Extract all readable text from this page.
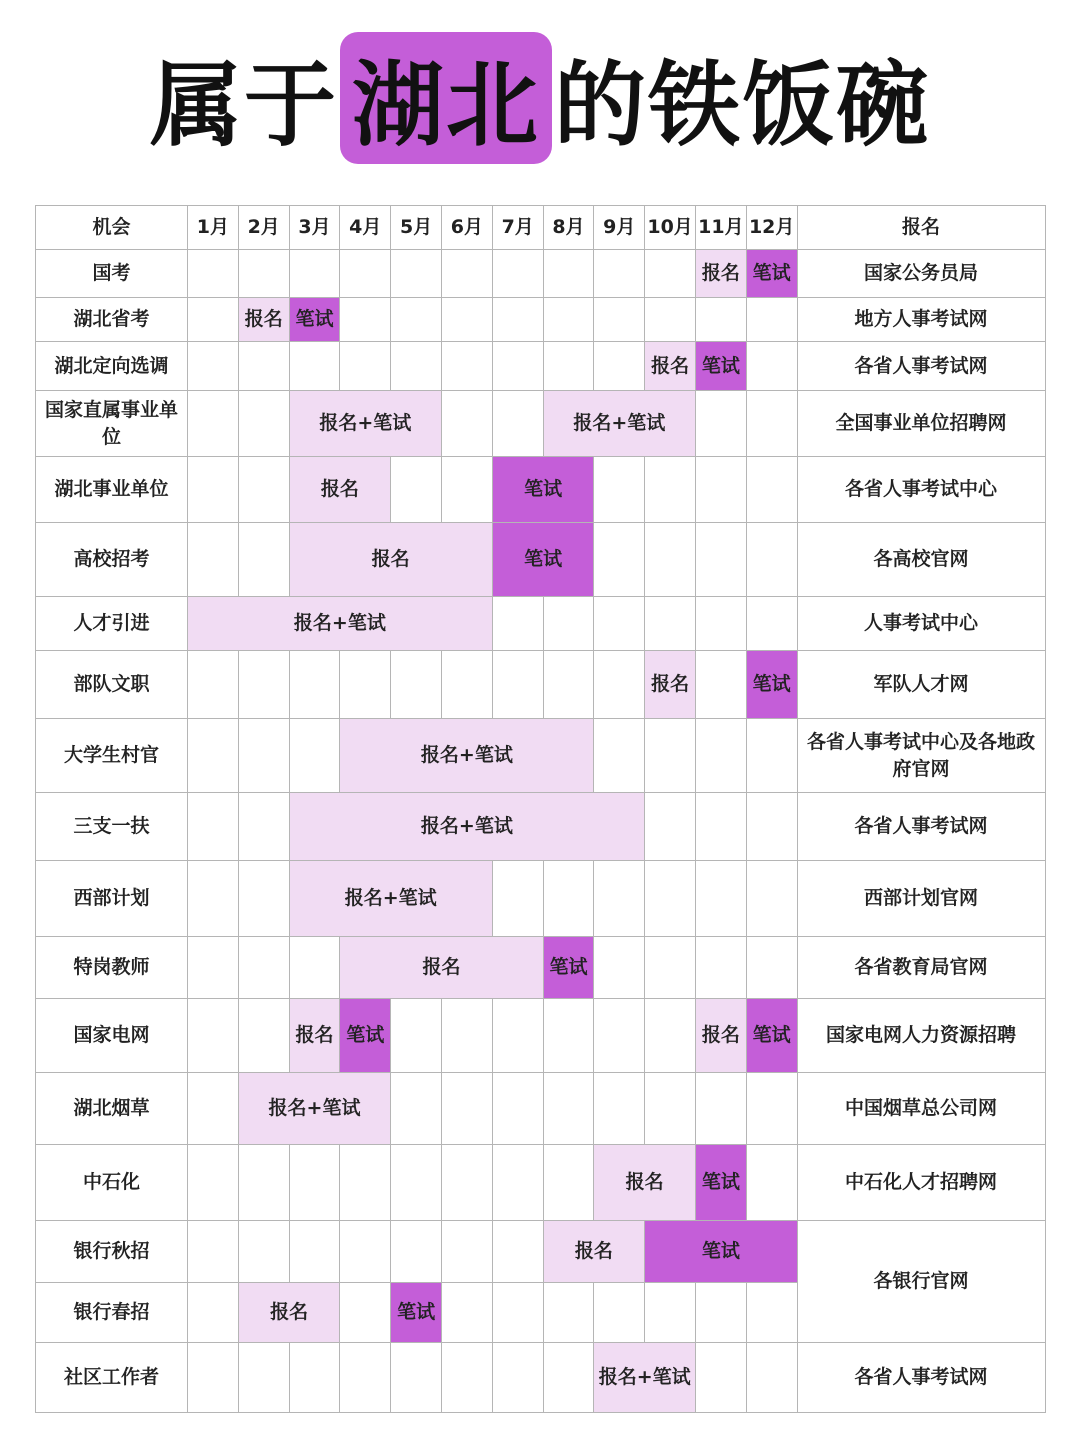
属于 湖北 的铁饭碗
机会	1月	2月	3月	4月	5月	6月	7月	8月	9月	10月	11月	12月	报名
国考											报名	笔试	国家公务员局
湖北省考		报名	笔试										地方人事考试网
湖北定向选调										报名	笔试		各省人事考试网
国家直属事业单位			报名+笔试					报名+笔试					全国事业单位招聘网
湖北事业单位			报名				笔试						各省人事考试中心
高校招考			报名				笔试						各高校官网
人才引进	报名+笔试												人事考试中心
部队文职										报名		笔试	军队人才网
大学生村官				报名+笔试									各省人事考试中心及各地政府官网
三支一扶			报名+笔试										各省人事考试网
西部计划			报名+笔试										西部计划官网
特岗教师				报名				笔试					各省教育局官网
国家电网			报名	笔试							报名	笔试	国家电网人力资源招聘
湖北烟草		报名+笔试											中国烟草总公司网
中石化									报名		笔试		中石化人才招聘网
银行秋招								报名		笔试			各银行官网
银行春招		报名			笔试								
社区工作者									报名+笔试				各省人事考试网
